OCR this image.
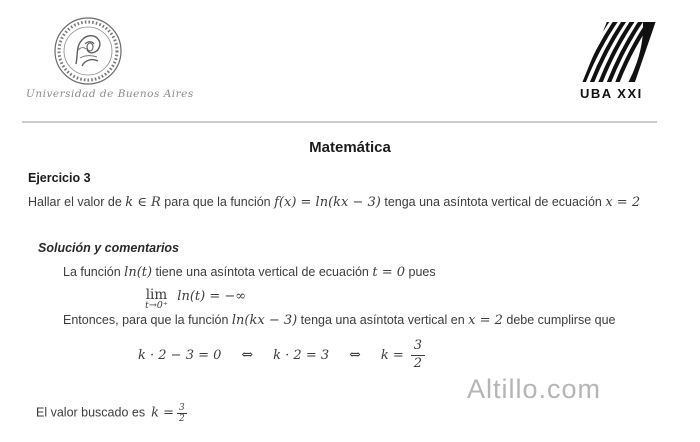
Universidad de Buenos Aires	UBA XXI
Matemática
Ejercicio 3
Hallar el valor de k ∈ R para que la función f(x) = ln(kx − 3) tenga una asíntota vertical de ecuación x = 2
Solución y comentarios
La función ln(t) tiene una asíntota vertical de ecuación t = 0 pues
lim
t→0⁺
ln(t) = −∞
Entonces, para que la función ln(kx − 3) tenga una asíntota vertical en x = 2 debe cumplirse que
k · 2 − 3 = 0 ⇔ k · 2 = 3 ⇔ $k = \frac{3}{2}$
Altillo.com
El valor buscado es $k = \frac{3}{2}$
